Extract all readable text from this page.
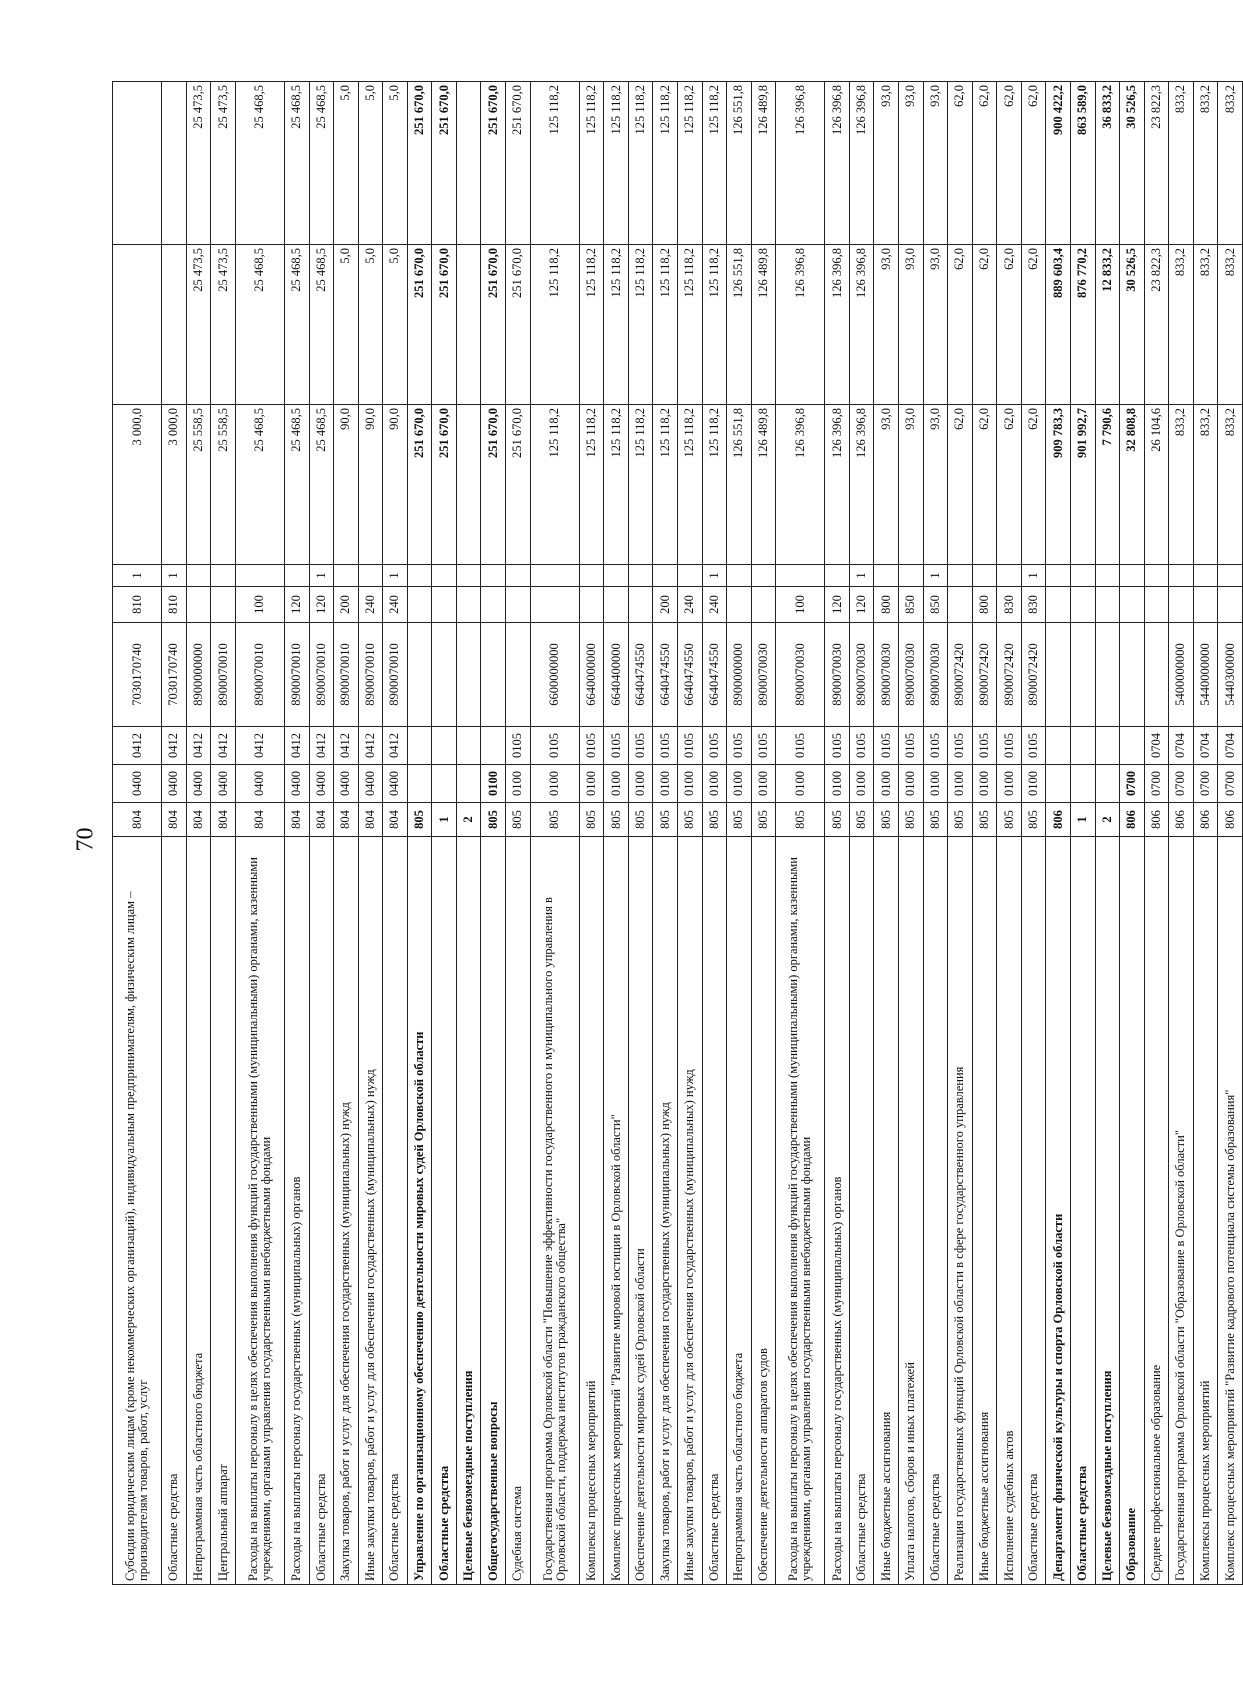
70
Субсидии юридическим лицам (кроме некоммерческих организаций), индивидуальным предпринимателям, физическим лицам – производителям товаров, работ, услуг	804	0400	0412	7030170740	810	1	3 000,0		
Областные средства	804	0400	0412	7030170740	810	1	3 000,0		
Непрограммная часть областного бюджета	804	0400	0412	8900000000			25 558,5	25 473,5	25 473,5
Центральный аппарат	804	0400	0412	8900070010			25 558,5	25 473,5	25 473,5
Расходы на выплаты персоналу в целях обеспечения выполнения функций государственными (муниципальными) органами, казенными учреждениями, органами управления государственными внебюджетными фондами	804	0400	0412	8900070010	100		25 468,5	25 468,5	25 468,5
Расходы на выплаты персоналу государственных (муниципальных) органов	804	0400	0412	8900070010	120		25 468,5	25 468,5	25 468,5
Областные средства	804	0400	0412	8900070010	120	1	25 468,5	25 468,5	25 468,5
Закупка товаров, работ и услуг для обеспечения государственных (муниципальных) нужд	804	0400	0412	8900070010	200		90,0	5,0	5,0
Иные закупки товаров, работ и услуг для обеспечения государственных (муниципальных) нужд	804	0400	0412	8900070010	240		90,0	5,0	5,0
Областные средства	804	0400	0412	8900070010	240	1	90,0	5,0	5,0
Управление по организационному обеспечению деятельности мировых судей Орловской области	805						251 670,0	251 670,0	251 670,0
Областные средства	1						251 670,0	251 670,0	251 670,0
Целевые безвозмездные поступления	2								
Общегосударственные вопросы	805	0100					251 670,0	251 670,0	251 670,0
Судебная система	805	0100	0105				251 670,0	251 670,0	251 670,0
Государственная программа Орловской области "Повышение эффективности государственного и муниципального управления в Орловской области, поддержка институтов гражданского общества"	805	0100	0105	6600000000			125 118,2	125 118,2	125 118,2
Комплексы процессных мероприятий	805	0100	0105	6640000000			125 118,2	125 118,2	125 118,2
Комплекс процессных мероприятий "Развитие мировой юстиции в Орловской области"	805	0100	0105	6640400000			125 118,2	125 118,2	125 118,2
Обеспечение деятельности мировых судей Орловской области	805	0100	0105	6640474550			125 118,2	125 118,2	125 118,2
Закупка товаров, работ и услуг для обеспечения государственных (муниципальных) нужд	805	0100	0105	6640474550	200		125 118,2	125 118,2	125 118,2
Иные закупки товаров, работ и услуг для обеспечения государственных (муниципальных) нужд	805	0100	0105	6640474550	240		125 118,2	125 118,2	125 118,2
Областные средства	805	0100	0105	6640474550	240	1	125 118,2	125 118,2	125 118,2
Непрограммная часть областного бюджета	805	0100	0105	8900000000			126 551,8	126 551,8	126 551,8
Обеспечение деятельности аппаратов судов	805	0100	0105	8900070030			126 489,8	126 489,8	126 489,8
Расходы на выплаты персоналу в целях обеспечения выполнения функций государственными (муниципальными) органами, казенными учреждениями, органами управления государственными внебюджетными фондами	805	0100	0105	8900070030	100		126 396,8	126 396,8	126 396,8
Расходы на выплаты персоналу государственных (муниципальных) органов	805	0100	0105	8900070030	120		126 396,8	126 396,8	126 396,8
Областные средства	805	0100	0105	8900070030	120	1	126 396,8	126 396,8	126 396,8
Иные бюджетные ассигнования	805	0100	0105	8900070030	800		93,0	93,0	93,0
Уплата налогов, сборов и иных платежей	805	0100	0105	8900070030	850		93,0	93,0	93,0
Областные средства	805	0100	0105	8900070030	850	1	93,0	93,0	93,0
Реализация государственных функций Орловской области в сфере государственного управления	805	0100	0105	8900072420			62,0	62,0	62,0
Иные бюджетные ассигнования	805	0100	0105	8900072420	800		62,0	62,0	62,0
Исполнение судебных актов	805	0100	0105	8900072420	830		62,0	62,0	62,0
Областные средства	805	0100	0105	8900072420	830	1	62,0	62,0	62,0
Департамент физической культуры и спорта Орловской области	806						909 783,3	889 603,4	900 422,2
Областные средства	1						901 992,7	876 770,2	863 589,0
Целевые безвозмездные поступления	2						7 790,6	12 833,2	36 833,2
Образование	806	0700					32 808,8	30 526,5	30 526,5
Среднее профессиональное образование	806	0700	0704				26 104,6	23 822,3	23 822,3
Государственная программа Орловской области "Образование в Орловской области"	806	0700	0704	5400000000			833,2	833,2	833,2
Комплексы процессных мероприятий	806	0700	0704	5440000000			833,2	833,2	833,2
Комплекс процессных мероприятий "Развитие кадрового потенциала системы образования"	806	0700	0704	5440300000			833,2	833,2	833,2
